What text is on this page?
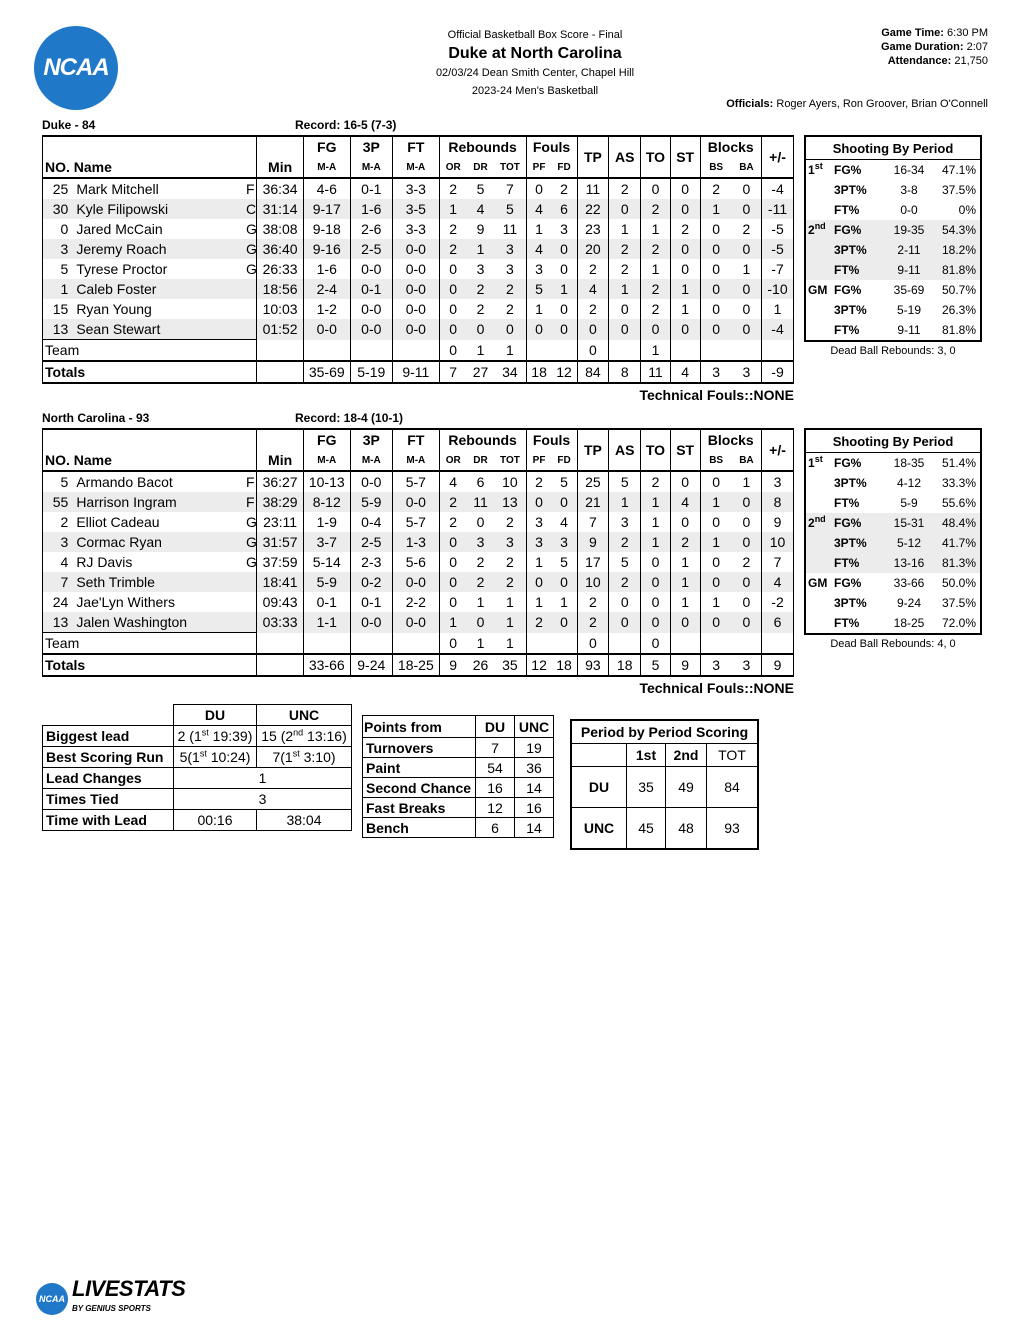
NCAA
Official Basketball Box Score - Final
Duke at North Carolina
02/03/24 Dean Smith Center, Chapel Hill
2023-24 Men's Basketball
Game Time: 6:30 PM
Game Duration: 2:07
Attendance: 21,750
Officials: Roger Ayers, Ron Groover, Brian O'Connell
Duke - 84	Record: 16-5 (7-3)
				FG	3P	FT	Rebounds			Fouls		TP	AS	TO	ST	Blocks		+/-
NO. Name			Min	M-A	M-A	M-A	OR	DR	TOT	PF	FD					BS	BA	
25	Mark Mitchell	F	36:34	4-6	0-1	3-3	2	5	7	0	2	11	2	0	0	2	0	-4
30	Kyle Filipowski	C	31:14	9-17	1-6	3-5	1	4	5	4	6	22	0	2	0	1	0	-11
0	Jared McCain	G	38:08	9-18	2-6	3-3	2	9	11	1	3	23	1	1	2	0	2	-5
3	Jeremy Roach	G	36:40	9-16	2-5	0-0	2	1	3	4	0	20	2	2	0	0	0	-5
5	Tyrese Proctor	G	26:33	1-6	0-0	0-0	0	3	3	3	0	2	2	1	0	0	1	-7
1	Caleb Foster		18:56	2-4	0-1	0-0	0	2	2	5	1	4	1	2	1	0	0	-10
15	Ryan Young		10:03	1-2	0-0	0-0	0	2	2	1	0	2	0	2	1	0	0	1
13	Sean Stewart		01:52	0-0	0-0	0-0	0	0	0	0	0	0	0	0	0	0	0	-4
Team							0	1	1			0		1				
Totals				35-69	5-19	9-11	7	27	34	18	12	84	8	11	4	3	3	-9
Technical Fouls::NONE
Shooting By Period			
1st	FG%	16-34	47.1%
	3PT%	3-8	37.5%
	FT%	0-0	0%
2nd	FG%	19-35	54.3%
	3PT%	2-11	18.2%
	FT%	9-11	81.8%
GM	FG%	35-69	50.7%
	3PT%	5-19	26.3%
	FT%	9-11	81.8%
Dead Ball Rebounds: 3, 0
North Carolina - 93	Record: 18-4 (10-1)
				FG	3P	FT	Rebounds			Fouls		TP	AS	TO	ST	Blocks		+/-
NO. Name			Min	M-A	M-A	M-A	OR	DR	TOT	PF	FD					BS	BA	
5	Armando Bacot	F	36:27	10-13	0-0	5-7	4	6	10	2	5	25	5	2	0	0	1	3
55	Harrison Ingram	F	38:29	8-12	5-9	0-0	2	11	13	0	0	21	1	1	4	1	0	8
2	Elliot Cadeau	G	23:11	1-9	0-4	5-7	2	0	2	3	4	7	3	1	0	0	0	9
3	Cormac Ryan	G	31:57	3-7	2-5	1-3	0	3	3	3	3	9	2	1	2	1	0	10
4	RJ Davis	G	37:59	5-14	2-3	5-6	0	2	2	1	5	17	5	0	1	0	2	7
7	Seth Trimble		18:41	5-9	0-2	0-0	0	2	2	0	0	10	2	0	1	0	0	4
24	Jae'Lyn Withers		09:43	0-1	0-1	2-2	0	1	1	1	1	2	0	0	1	1	0	-2
13	Jalen Washington		03:33	1-1	0-0	0-0	1	0	1	2	0	2	0	0	0	0	0	6
Team							0	1	1			0		0				
Totals				33-66	9-24	18-25	9	26	35	12	18	93	18	5	9	3	3	9
Technical Fouls::NONE
Shooting By Period			
1st	FG%	18-35	51.4%
	3PT%	4-12	33.3%
	FT%	5-9	55.6%
2nd	FG%	15-31	48.4%
	3PT%	5-12	41.7%
	FT%	13-16	81.3%
GM	FG%	33-66	50.0%
	3PT%	9-24	37.5%
	FT%	18-25	72.0%
Dead Ball Rebounds: 4, 0
	DU	UNC
Biggest lead	2 (1st 19:39)	15 (2nd 13:16)
Best Scoring Run	5(1st 10:24)	7(1st 3:10)
Lead Changes	1	
Times Tied	3	
Time with Lead	00:16	38:04
Points from	DU	UNC
Turnovers	7	19
Paint	54	36
Second Chance	16	14
Fast Breaks	12	16
Bench	6	14
Period by Period Scoring			
	1st	2nd	TOT
DU	35	49	84
UNC	45	48	93
NCAA LIVESTATS
BY GENIUS SPORTS
